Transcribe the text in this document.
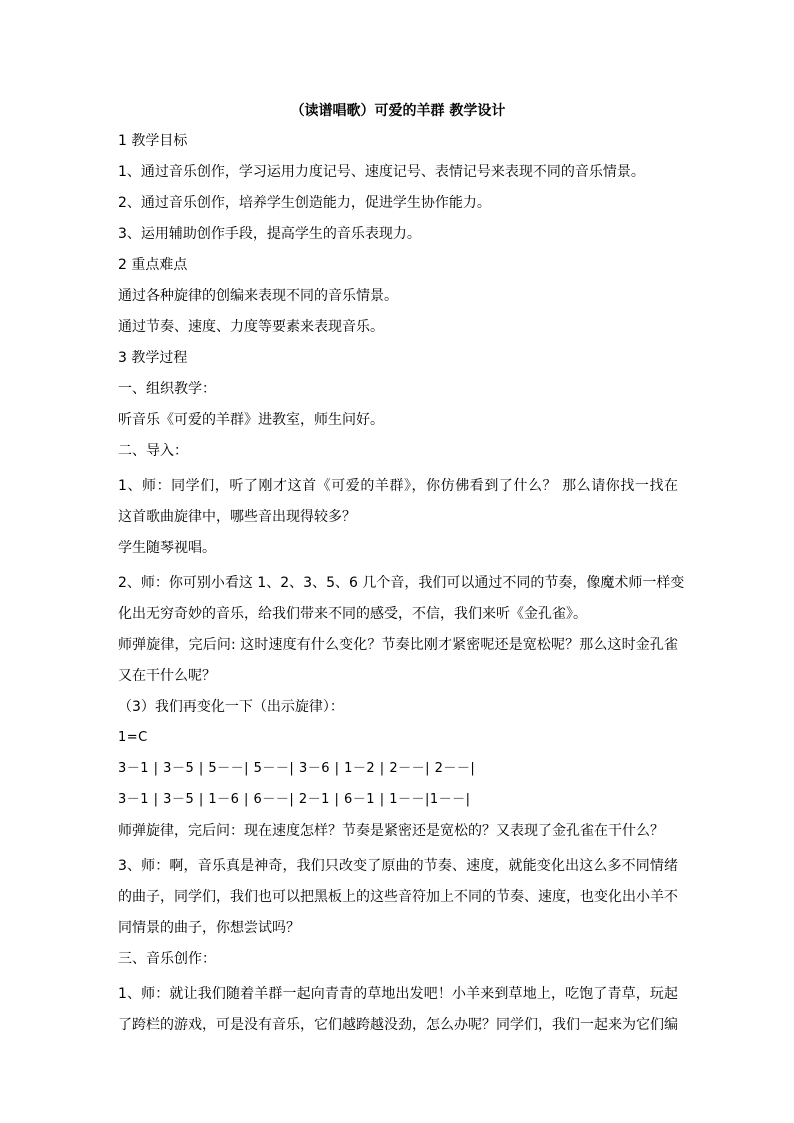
（读谱唱歌）可爱的羊群 教学设计
1 教学目标
1、通过音乐创作，学习运用力度记号、速度记号、表情记号来表现不同的音乐情景。
2、通过音乐创作，培养学生创造能力，促进学生协作能力。
3、运用辅助创作手段，提高学生的音乐表现力。
2 重点难点
通过各种旋律的创编来表现不同的音乐情景。
通过节奏、速度、力度等要素来表现音乐。
3 教学过程
一、组织教学：
听音乐《可爱的羊群》进教室，师生问好。
二、导入：
1、师：同学们，听了刚才这首《可爱的羊群》，你仿佛看到了什么？ 那么请你找一找在
这首歌曲旋律中，哪些音出现得较多？
学生随琴视唱。
2、师：你可别小看这 1、2、3、5、6 几个音，我们可以通过不同的节奏，像魔术师一样变
化出无穷奇妙的音乐，给我们带来不同的感受，不信，我们来听《金孔雀》。
师弹旋律，完后问: 这时速度有什么变化？节奏比刚才紧密呢还是宽松呢？那么这时金孔雀
又在干什么呢？
（3）我们再变化一下（出示旋律）：
1=C
3－1 | 3－5 | 5－－| 5－－| 3－6 | 1－2 | 2－－| 2－－|
3－1 | 3－5 | 1－6 | 6－－| 2－1 | 6－1 | 1－－|1－－|
师弹旋律，完后问：现在速度怎样？节奏是紧密还是宽松的？又表现了金孔雀在干什么？
3、师：啊，音乐真是神奇，我们只改变了原曲的节奏、速度，就能变化出这么多不同情绪
的曲子，同学们，我们也可以把黑板上的这些音符加上不同的节奏、速度，也变化出小羊不
同情景的曲子，你想尝试吗？
三、音乐创作：
1、师：就让我们随着羊群一起向青青的草地出发吧！小羊来到草地上，吃饱了青草，玩起
了跨栏的游戏，可是没有音乐，它们越跨越没劲，怎么办呢？同学们，我们一起来为它们编
